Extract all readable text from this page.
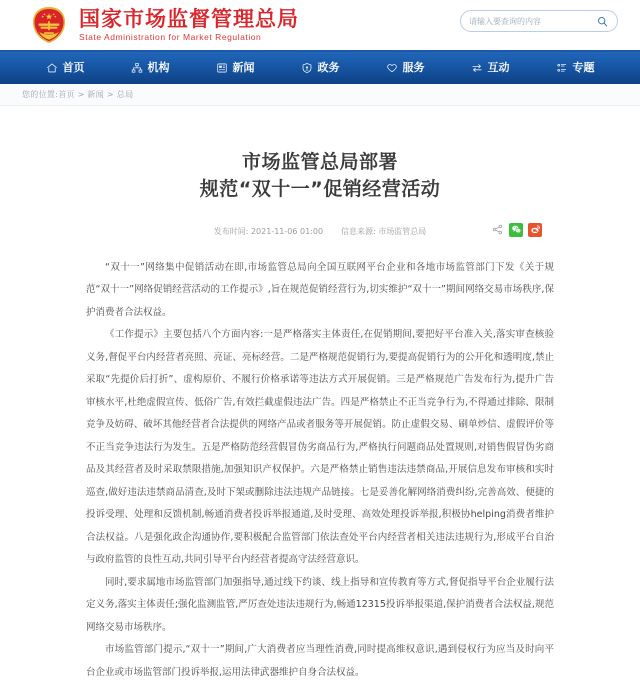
国家市场监督管理总局
State Administration for Market Regulation
请输入要查询的内容
首页	机构	新闻	政务	服务	互动	专题
您的位置:首页 > 新闻 > 总局
市场监管总局部署
规范“双十一”促销经营活动
发布时间: 2021-11-06 01:00 信息来源: 市场监管总局

“双十一”网络集中促销活动在即,市场监管总局向全国互联网平台企业和各地市场监管部门下发《关于规范“双十一”网络促销经营活动的工作提示》,旨在规范促销经营行为,切实维护“双十一”期间网络交易市场秩序,保护消费者合法权益。

《工作提示》主要包括八个方面内容:一是严格落实主体责任,在促销期间,要把好平台准入关,落实审查核验义务,督促平台内经营者亮照、亮证、亮标经营。二是严格规范促销行为,要提高促销行为的公开化和透明度,禁止采取“先提价后打折”、虚构原价、不履行价格承诺等违法方式开展促销。三是严格规范广告发布行为,提升广告审核水平,杜绝虚假宣传、低俗广告,有效拦截虚假违法广告。四是严格禁止不正当竞争行为,不得通过排除、限制竞争及妨碍、破坏其他经营者合法提供的网络产品或者服务等开展促销。防止虚假交易、刷单炒信、虚假评价等不正当竞争违法行为发生。五是严格防范经营假冒伪劣商品行为,严格执行问题商品处置规则,对销售假冒伪劣商品及其经营者及时采取禁限措施,加强知识产权保护。六是严格禁止销售违法违禁商品,开展信息发布审核和实时巡查,做好违法违禁商品清查,及时下架或删除违法违规产品链接。七是妥善化解网络消费纠纷,完善高效、便捷的投诉受理、处理和反馈机制,畅通消费者投诉举报通道,及时受理、高效处理投诉举报,积极协helping消费者维护合法权益。八是强化政企沟通协作,要积极配合监管部门依法查处平台内经营者相关违法违规行为,形成平台自治与政府监管的良性互动,共同引导平台内经营者提高守法经营意识。

同时,要求属地市场监管部门加强指导,通过线下约谈、线上指导和宣传教育等方式,督促指导平台企业履行法定义务,落实主体责任;强化监测监管,严厉查处违法违规行为,畅通12315投诉举报渠道,保护消费者合法权益,规范网络交易市场秩序。

市场监管部门提示,“双十一”期间,广大消费者应当理性消费,同时提高维权意识,遇到侵权行为应当及时向平台企业或市场监管部门投诉举报,运用法律武器维护自身合法权益。
